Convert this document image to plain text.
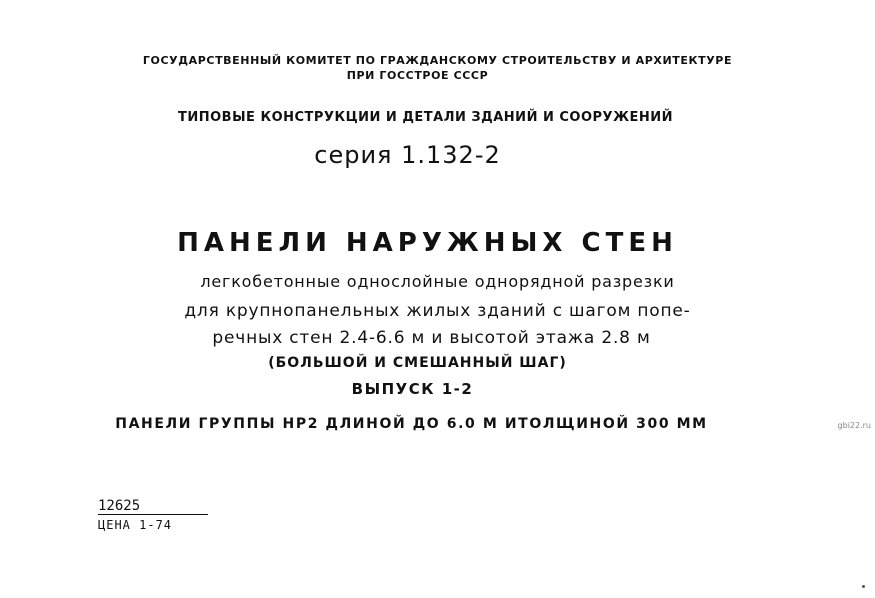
ГОСУДАРСТВЕННЫЙ КОМИТЕТ ПО ГРАЖДАНСКОМУ СТРОИТЕЛЬСТВУ И АРХИТЕКТУРЕ
ПРИ ГОССТРОЕ СССР
ТИПОВЫЕ КОНСТРУКЦИИ И ДЕТАЛИ ЗДАНИЙ И СООРУЖЕНИЙ
серия 1.132-2
ПАНЕЛИ НАРУЖНЫХ СТЕН
легкобетонные однослойные однорядной разрезки
для крупнопанельных жилых зданий с шагом попе-
речных стен 2.4-6.6 м и высотой этажа 2.8 м
(БОЛЬШОЙ И СМЕШАННЫЙ ШАГ)
ВЫПУСК 1-2
ПАНЕЛИ ГРУППЫ НР2 ДЛИНОЙ ДО 6.0 М ИТОЛЩИНОЙ 300 ММ	gbi22.ru
12625
ЦЕНА 1-74
